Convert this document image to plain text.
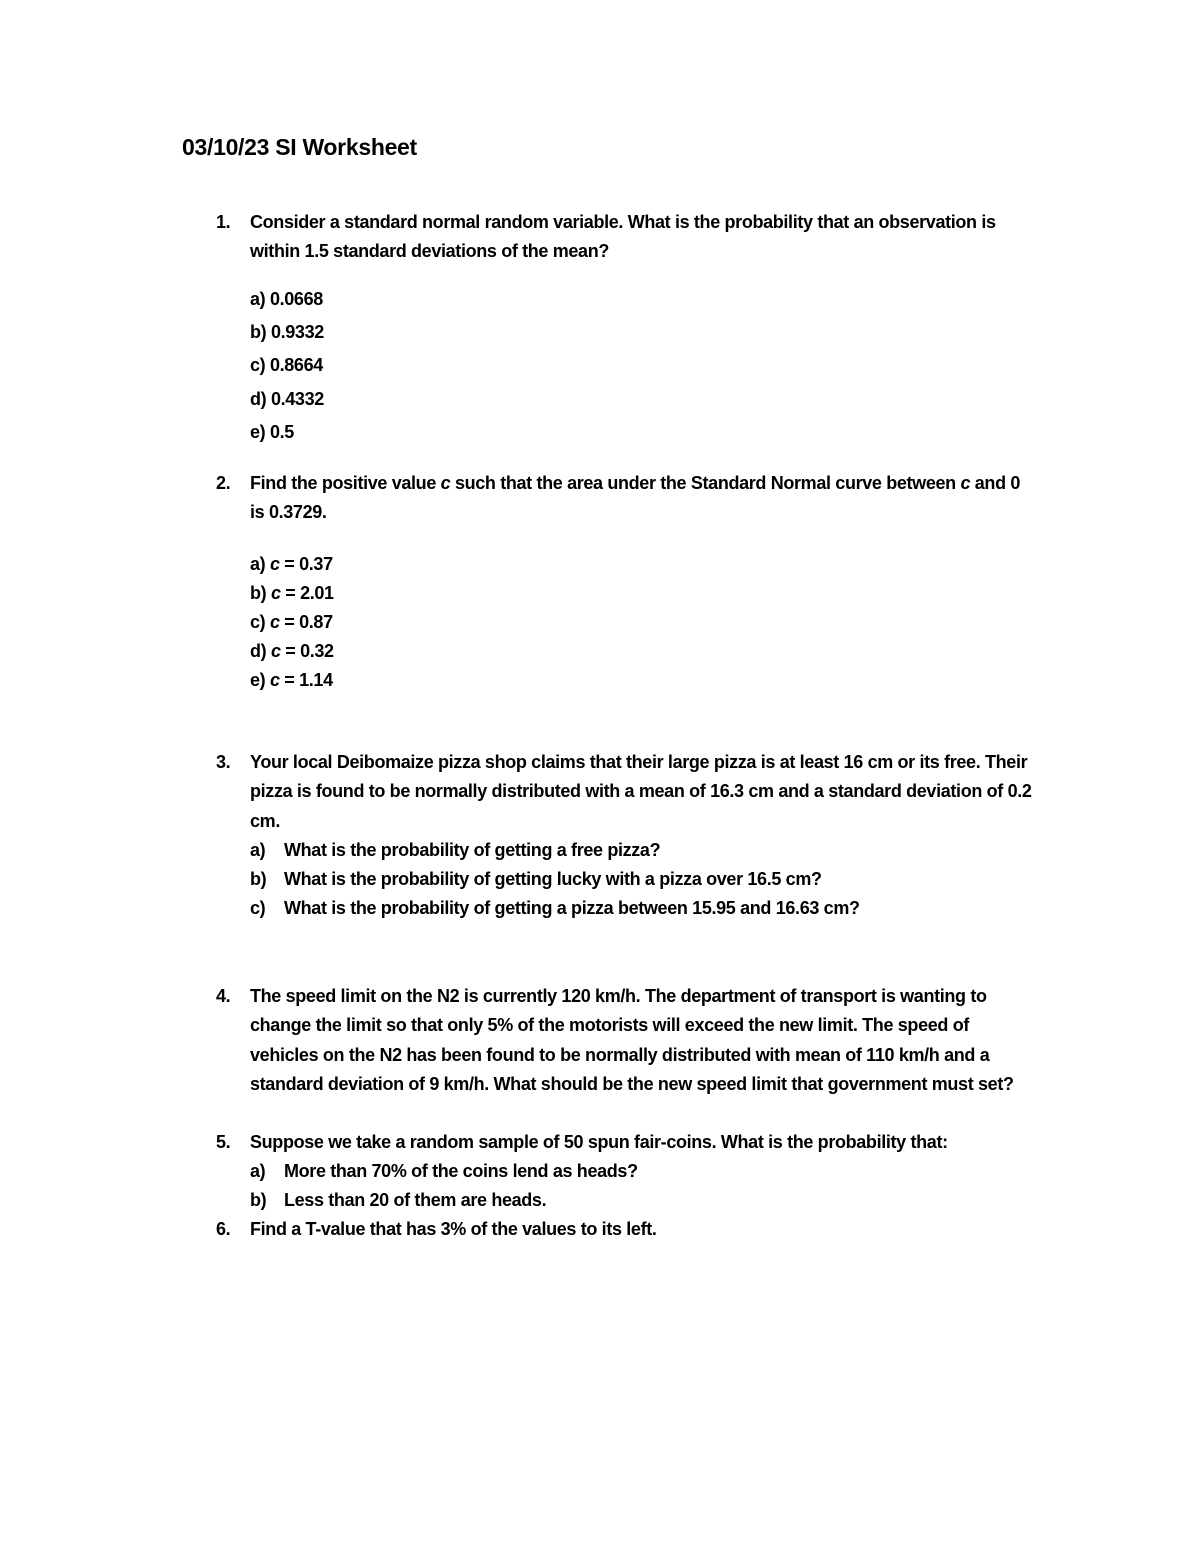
03/10/23 SI Worksheet
1. Consider a standard normal random variable. What is the probability that an observation is within 1.5 standard deviations of the mean?
a) 0.0668
b) 0.9332
c) 0.8664
d) 0.4332
e) 0.5
2. Find the positive value c such that the area under the Standard Normal curve between c and 0 is 0.3729.
a) c = 0.37
b) c = 2.01
c) c = 0.87
d) c = 0.32
e) c = 1.14
3. Your local Deibomaize pizza shop claims that their large pizza is at least 16 cm or its free. Their pizza is found to be normally distributed with a mean of 16.3 cm and a standard deviation of 0.2 cm.
a) What is the probability of getting a free pizza?
b) What is the probability of getting lucky with a pizza over 16.5 cm?
c) What is the probability of getting a pizza between 15.95 and 16.63 cm?
4. The speed limit on the N2 is currently 120 km/h. The department of transport is wanting to change the limit so that only 5% of the motorists will exceed the new limit. The speed of vehicles on the N2 has been found to be normally distributed with mean of 110 km/h and a standard deviation of 9 km/h. What should be the new speed limit that government must set?
5. Suppose we take a random sample of 50 spun fair-coins. What is the probability that:
a) More than 70% of the coins lend as heads?
b) Less than 20 of them are heads.
6. Find a T-value that has 3% of the values to its left.
